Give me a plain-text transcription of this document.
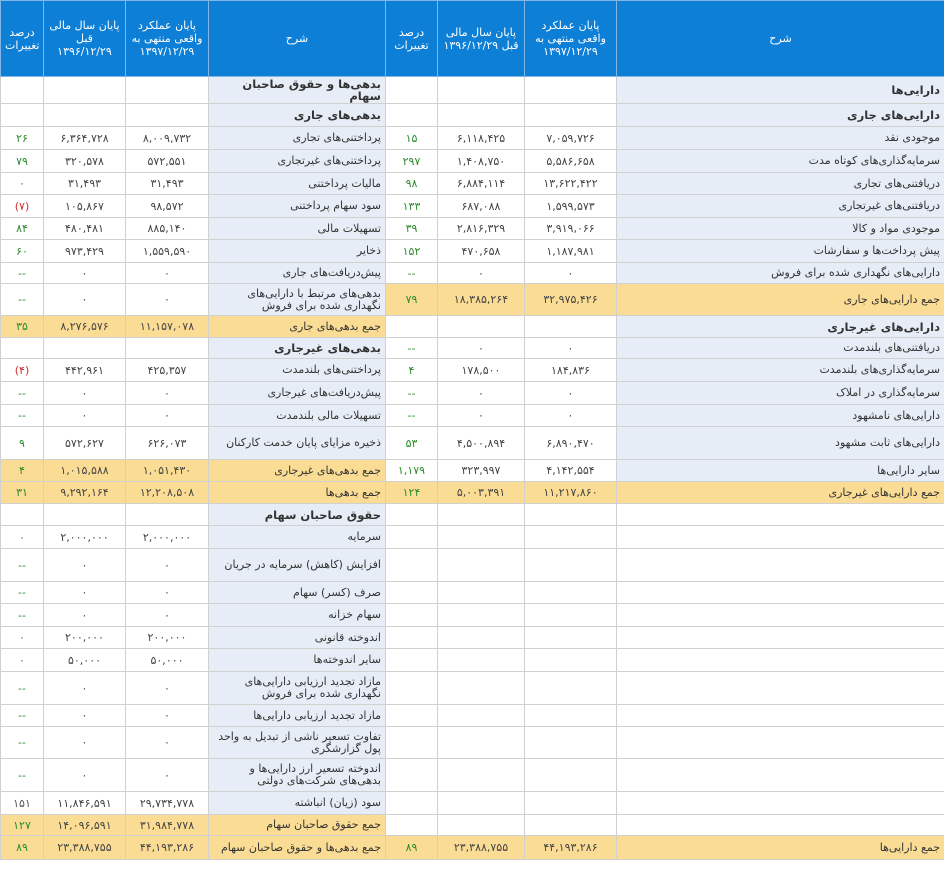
درصد تغییرات	پایان سال مالی قبل ۱۳۹۶/۱۲/۲۹	پایان عملکرد واقعی منتهی به ۱۳۹۷/۱۲/۲۹	شرح	درصد تغییرات	پایان سال مالی قبل ۱۳۹۶/۱۲/۲۹	پایان عملکرد واقعی منتهی به ۱۳۹۷/۱۲/۲۹	شرح
			بدهی‌ها و حقوق صاحبان سهام				دارایی‌ها
			بدهی‌های جاری				دارایی‌های جاری
۲۶	۶,۳۶۴,۷۲۸	۸,۰۰۹,۷۳۲	پرداختنی‌های تجاری	۱۵	۶,۱۱۸,۴۲۵	۷,۰۵۹,۷۲۶	موجودی نقد
۷۹	۳۲۰,۵۷۸	۵۷۲,۵۵۱	پرداختنی‌های غیرتجاری	۲۹۷	۱,۴۰۸,۷۵۰	۵,۵۸۶,۶۵۸	سرمایه‌گذاری‌های کوتاه مدت
۰	۳۱,۴۹۳	۳۱,۴۹۳	مالیات پرداختنی	۹۸	۶,۸۸۴,۱۱۴	۱۳,۶۲۲,۴۲۲	دریافتنی‌های تجاری
(۷)	۱۰۵,۸۶۷	۹۸,۵۷۲	سود سهام پرداختنی	۱۳۳	۶۸۷,۰۸۸	۱,۵۹۹,۵۷۳	دریافتنی‌های غیرتجاری
۸۴	۴۸۰,۴۸۱	۸۸۵,۱۴۰	تسهیلات مالی	۳۹	۲,۸۱۶,۳۲۹	۳,۹۱۹,۰۶۶	موجودی مواد و کالا
۶۰	۹۷۳,۴۲۹	۱,۵۵۹,۵۹۰	ذخایر	۱۵۲	۴۷۰,۶۵۸	۱,۱۸۷,۹۸۱	پیش پرداخت‌ها و سفارشات
--	۰	۰	پیش‌دریافت‌های جاری	--	۰	۰	دارایی‌های نگهداری شده برای فروش
--	۰	۰	بدهی‌های مرتبط با دارایی‌های نگهداری شده برای فروش	۷۹	۱۸,۳۸۵,۲۶۴	۳۲,۹۷۵,۴۲۶	جمع دارایی‌های جاری
۳۵	۸,۲۷۶,۵۷۶	۱۱,۱۵۷,۰۷۸	جمع بدهی‌های جاری				دارایی‌های غیرجاری
			بدهی‌های غیرجاری	--	۰	۰	دریافتنی‌های بلندمدت
(۴)	۴۴۲,۹۶۱	۴۲۵,۳۵۷	پرداختنی‌های بلندمدت	۴	۱۷۸,۵۰۰	۱۸۴,۸۳۶	سرمایه‌گذاری‌های بلندمدت
--	۰	۰	پیش‌دریافت‌های غیرجاری	--	۰	۰	سرمایه‌گذاری در املاک
--	۰	۰	تسهیلات مالی بلندمدت	--	۰	۰	دارایی‌های نامشهود
۹	۵۷۲,۶۲۷	۶۲۶,۰۷۳	ذخیره مزایای پایان خدمت کارکنان	۵۳	۴,۵۰۰,۸۹۴	۶,۸۹۰,۴۷۰	دارایی‌های ثابت مشهود
۴	۱,۰۱۵,۵۸۸	۱,۰۵۱,۴۳۰	جمع بدهی‌های غیرجاری	۱,۱۷۹	۳۲۳,۹۹۷	۴,۱۴۲,۵۵۴	سایر دارایی‌ها
۳۱	۹,۲۹۲,۱۶۴	۱۲,۲۰۸,۵۰۸	جمع بدهی‌ها	۱۲۴	۵,۰۰۳,۳۹۱	۱۱,۲۱۷,۸۶۰	جمع دارایی‌های غیرجاری
			حقوق صاحبان سهام				
۰	۲,۰۰۰,۰۰۰	۲,۰۰۰,۰۰۰	سرمایه				
--	۰	۰	افزایش (کاهش) سرمایه در جریان				
--	۰	۰	صرف (کسر) سهام				
--	۰	۰	سهام خزانه				
۰	۲۰۰,۰۰۰	۲۰۰,۰۰۰	اندوخته قانونی				
۰	۵۰,۰۰۰	۵۰,۰۰۰	سایر اندوخته‌ها				
--	۰	۰	مازاد تجدید ارزیابی دارایی‌های نگهداری شده برای فروش				
--	۰	۰	مازاد تجدید ارزیابی دارایی‌ها				
--	۰	۰	تفاوت تسعیر ناشی از تبدیل به واحد پول گزارشگری				
--	۰	۰	اندوخته تسعیر ارز دارایی‌ها و بدهی‌های شرکت‌های دولتی				
۱۵۱	۱۱,۸۴۶,۵۹۱	۲۹,۷۳۴,۷۷۸	سود (زیان) انباشته				
۱۲۷	۱۴,۰۹۶,۵۹۱	۳۱,۹۸۴,۷۷۸	جمع حقوق صاحبان سهام				
۸۹	۲۳,۳۸۸,۷۵۵	۴۴,۱۹۳,۲۸۶	جمع بدهی‌ها و حقوق صاحبان سهام	۸۹	۲۳,۳۸۸,۷۵۵	۴۴,۱۹۳,۲۸۶	جمع دارایی‌ها
